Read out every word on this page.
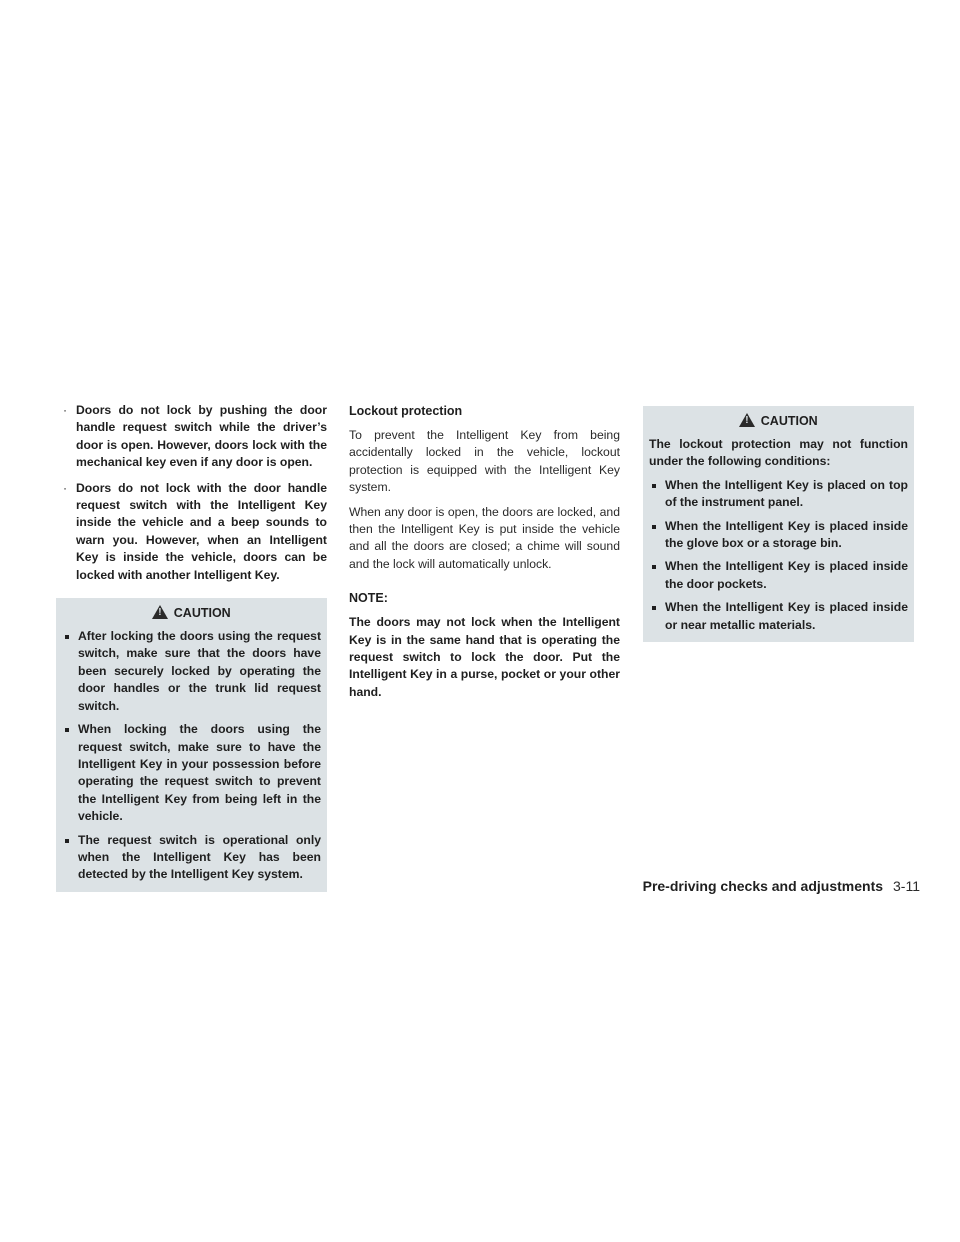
· Doors do not lock by pushing the door handle request switch while the driver’s door is open. However, doors lock with the mechanical key even if any door is open.
· Doors do not lock with the door handle request switch with the Intelligent Key inside the vehicle and a beep sounds to warn you. However, when an Intelligent Key is inside the vehicle, doors can be locked with another Intelligent Key.
! CAUTION
After locking the doors using the request switch, make sure that the doors have been securely locked by operating the door handles or the trunk lid request switch.
When locking the doors using the request switch, make sure to have the Intelligent Key in your possession before operating the request switch to prevent the Intelligent Key from being left in the vehicle.
The request switch is operational only when the Intelligent Key has been detected by the Intelligent Key system.
Lockout protection

To prevent the Intelligent Key from being accidentally locked in the vehicle, lockout protection is equipped with the Intelligent Key system.

When any door is open, the doors are locked, and then the Intelligent Key is put inside the vehicle and all the doors are closed; a chime will sound and the lock will automatically unlock.

NOTE:

The doors may not lock when the Intelligent Key is in the same hand that is operating the request switch to lock the door. Put the Intelligent Key in a purse, pocket or your other hand.

! CAUTION

The lockout protection may not function under the following conditions:

When the Intelligent Key is placed on top of the instrument panel.
When the Intelligent Key is placed inside the glove box or a storage bin.
When the Intelligent Key is placed inside the door pockets.
When the Intelligent Key is placed inside or near metallic materials.
Pre-driving checks and adjustments 3-11
